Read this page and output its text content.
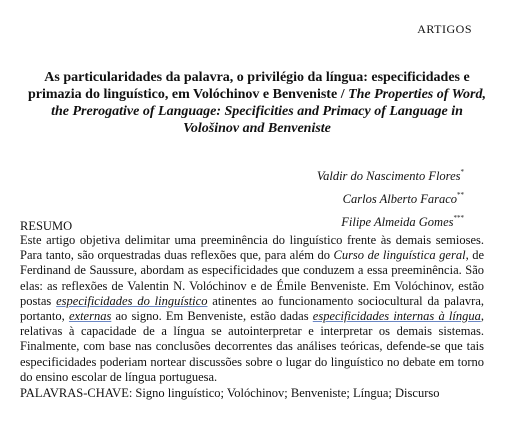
ARTIGOS
As particularidades da palavra, o privilégio da língua: especificidades e primazia do linguístico, em Volóchinov e Benveniste / The Properties of Word, the Prerogative of Language: Specificities and Primacy of Language in Vološinov and Benveniste
Valdir do Nascimento Flores*
Carlos Alberto Faraco**
Filipe Almeida Gomes***
RESUMO
Este artigo objetiva delimitar uma preeminência do linguístico frente às demais semioses. Para tanto, são orquestradas duas reflexões que, para além do Curso de linguística geral, de Ferdinand de Saussure, abordam as especificidades que conduzem a essa preeminência. São elas: as reflexões de Valentin N. Volóchinov e de Émile Benveniste. Em Volóchinov, estão postas especificidades do linguístico atinentes ao funcionamento sociocultural da palavra, portanto, externas ao signo. Em Benveniste, estão dadas especificidades internas à língua, relativas à capacidade de a língua se autointerpretar e interpretar os demais sistemas. Finalmente, com base nas conclusões decorrentes das análises teóricas, defende-se que tais especificidades poderiam nortear discussões sobre o lugar do linguístico no debate em torno do ensino escolar de língua portuguesa.
PALAVRAS-CHAVE: Signo linguístico; Volóchinov; Benveniste; Língua; Discurso
